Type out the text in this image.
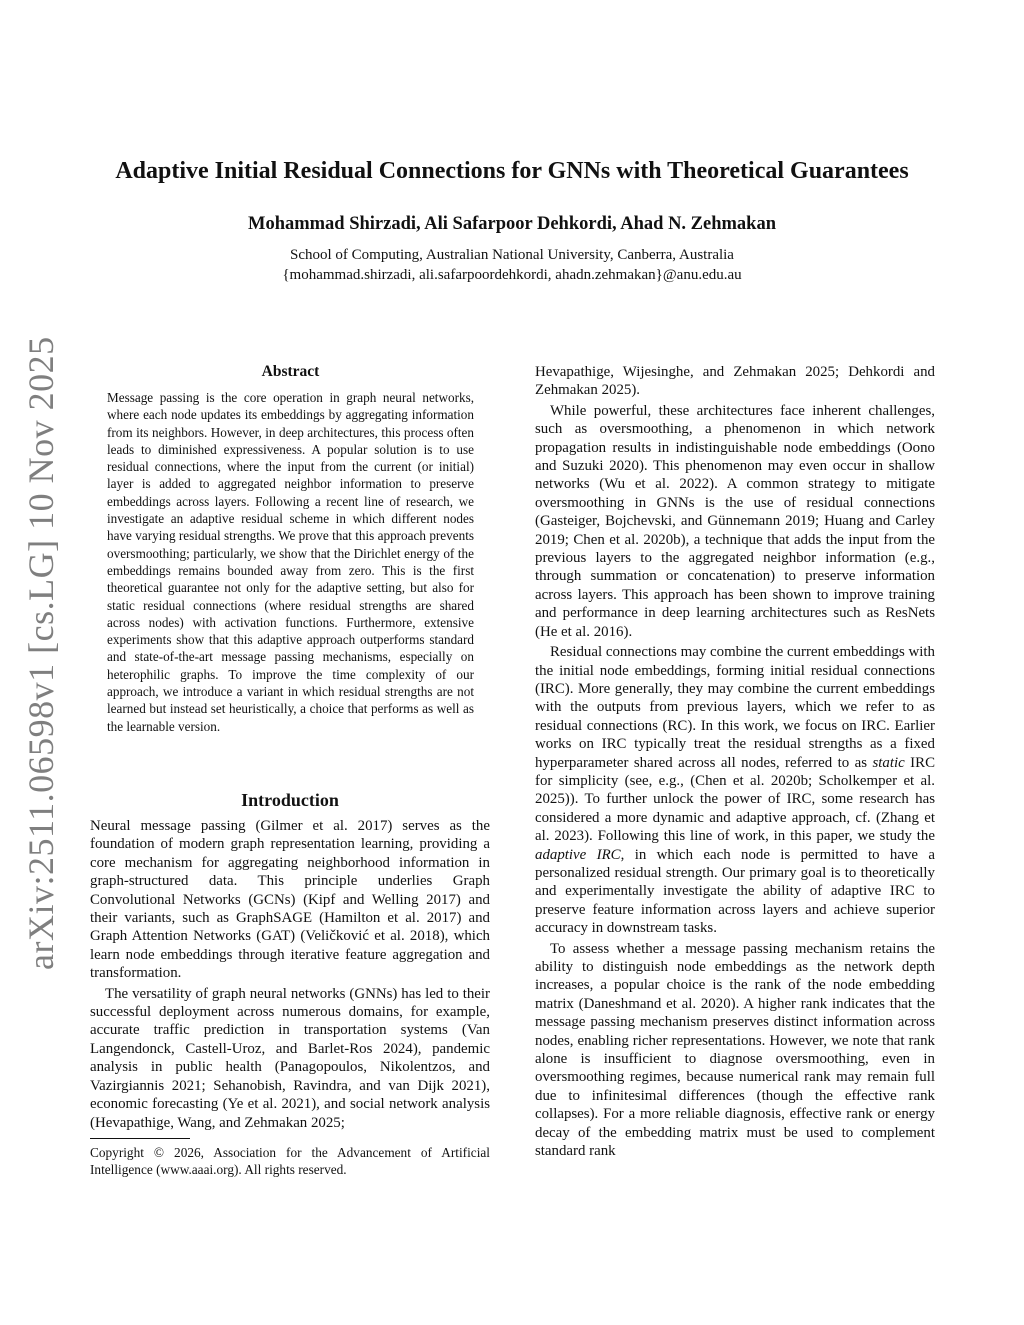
arXiv:2511.06598v1 [cs.LG] 10 Nov 2025
Adaptive Initial Residual Connections for GNNs with Theoretical Guarantees
Mohammad Shirzadi, Ali Safarpoor Dehkordi, Ahad N. Zehmakan
School of Computing, Australian National University, Canberra, Australia
{mohammad.shirzadi, ali.safarpoordehkordi, ahadn.zehmakan}@anu.edu.au
Abstract

Message passing is the core operation in graph neural networks, where each node updates its embeddings by aggregating information from its neighbors. However, in deep architectures, this process often leads to diminished expressiveness. A popular solution is to use residual connections, where the input from the current (or initial) layer is added to aggregated neighbor information to preserve embeddings across layers. Following a recent line of research, we investigate an adaptive residual scheme in which different nodes have varying residual strengths. We prove that this approach prevents oversmoothing; particularly, we show that the Dirichlet energy of the embeddings remains bounded away from zero. This is the first theoretical guarantee not only for the adaptive setting, but also for static residual connections (where residual strengths are shared across nodes) with activation functions. Furthermore, extensive experiments show that this adaptive approach outperforms standard and state-of-the-art message passing mechanisms, especially on heterophilic graphs. To improve the time complexity of our approach, we introduce a variant in which residual strengths are not learned but instead set heuristically, a choice that performs as well as the learnable version.

Introduction

Neural message passing (Gilmer et al. 2017) serves as the foundation of modern graph representation learning, providing a core mechanism for aggregating neighborhood information in graph-structured data. This principle underlies Graph Convolutional Networks (GCNs) (Kipf and Welling 2017) and their variants, such as GraphSAGE (Hamilton et al. 2017) and Graph Attention Networks (GAT) (Veličković et al. 2018), which learn node embeddings through iterative feature aggregation and transformation.

The versatility of graph neural networks (GNNs) has led to their successful deployment across numerous domains, for example, accurate traffic prediction in transportation systems (Van Langendonck, Castell-Uroz, and Barlet-Ros 2024), pandemic analysis in public health (Panagopoulos, Nikolentzos, and Vazirgiannis 2021; Sehanobish, Ravindra, and van Dijk 2021), economic forecasting (Ye et al. 2021), and social network analysis (Hevapathige, Wang, and Zehmakan 2025;

Copyright © 2026, Association for the Advancement of Artificial Intelligence (www.aaai.org). All rights reserved.

Hevapathige, Wijesinghe, and Zehmakan 2025; Dehkordi and Zehmakan 2025).

While powerful, these architectures face inherent challenges, such as oversmoothing, a phenomenon in which network propagation results in indistinguishable node embeddings (Oono and Suzuki 2020). This phenomenon may even occur in shallow networks (Wu et al. 2022). A common strategy to mitigate oversmoothing in GNNs is the use of residual connections (Gasteiger, Bojchevski, and Günnemann 2019; Huang and Carley 2019; Chen et al. 2020b), a technique that adds the input from the previous layers to the aggregated neighbor information (e.g., through summation or concatenation) to preserve information across layers. This approach has been shown to improve training and performance in deep learning architectures such as ResNets (He et al. 2016).

Residual connections may combine the current embeddings with the initial node embeddings, forming initial residual connections (IRC). More generally, they may combine the current embeddings with the outputs from previous layers, which we refer to as residual connections (RC). In this work, we focus on IRC. Earlier works on IRC typically treat the residual strengths as a fixed hyperparameter shared across all nodes, referred to as static IRC for simplicity (see, e.g., (Chen et al. 2020b; Scholkemper et al. 2025)). To further unlock the power of IRC, some research has considered a more dynamic and adaptive approach, cf. (Zhang et al. 2023). Following this line of work, in this paper, we study the adaptive IRC, in which each node is permitted to have a personalized residual strength. Our primary goal is to theoretically and experimentally investigate the ability of adaptive IRC to preserve feature information across layers and achieve superior accuracy in downstream tasks.

To assess whether a message passing mechanism retains the ability to distinguish node embeddings as the network depth increases, a popular choice is the rank of the node embedding matrix (Daneshmand et al. 2020). A higher rank indicates that the message passing mechanism preserves distinct information across nodes, enabling richer representations. However, we note that rank alone is insufficient to diagnose oversmoothing, even in oversmoothing regimes, because numerical rank may remain full due to infinitesimal differences (though the effective rank collapses). For a more reliable diagnosis, effective rank or energy decay of the embedding matrix must be used to complement standard rank
